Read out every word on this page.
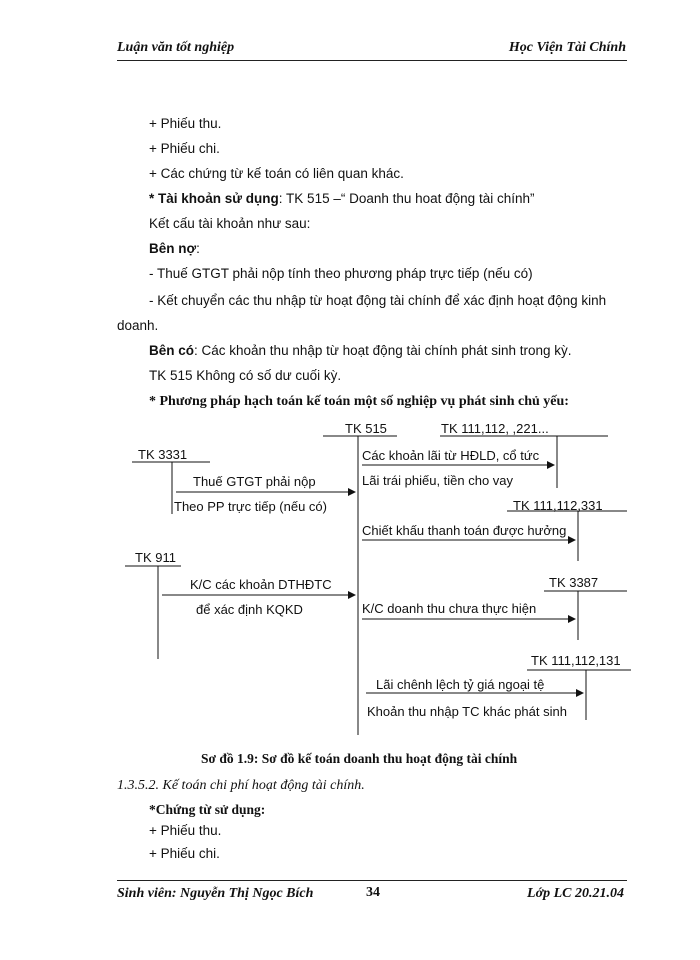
Luận văn tốt nghiệp	Học Viện Tài Chính
+ Phiếu thu.
+ Phiếu chi.
+ Các chứng từ kế toán có liên quan khác.
* Tài khoản sử dụng: TK 515 –“ Doanh thu hoat động tài chính”
Kết cấu tài khoản như sau:
Bên nợ:
- Thuế GTGT phải nộp tính theo phương pháp trực tiếp (nếu có)
- Kết chuyển các thu nhập từ hoạt động tài chính để xác định hoạt động kinh
doanh.
Bên có: Các khoản thu nhập từ hoạt động tài chính phát sinh trong kỳ.
TK 515 Không có số dư cuối kỳ.
* Phương pháp hạch toán kế toán một số nghiệp vụ phát sinh chủ yếu:
TK 515	TK 111,112, ,221...
TK 3331	Các khoản lãi từ HĐLD, cổ tức
Lãi trái phiếu, tiền cho vay
Thuế GTGT phải nộp
Theo PP trực tiếp (nếu có)	TK 111,112,331
Chiết khấu thanh toán được hưởng
TK 911
K/C các khoản DTHĐTC
để xác định KQKD
TK 3387
K/C doanh thu chưa thực hiện
TK 111,112,131
Lãi chênh lệch tỷ giá ngoại tệ
Khoản thu nhập TC khác phát sinh
Sơ đồ 1.9: Sơ đồ kế toán doanh thu hoạt động tài chính
1.3.5.2. Kế toán chi phí hoạt động tài chính.
*Chứng từ sử dụng:
+ Phiếu thu.
+ Phiếu chi.
Sinh viên: Nguyễn Thị Ngọc Bích	34	Lớp LC 20.21.04
